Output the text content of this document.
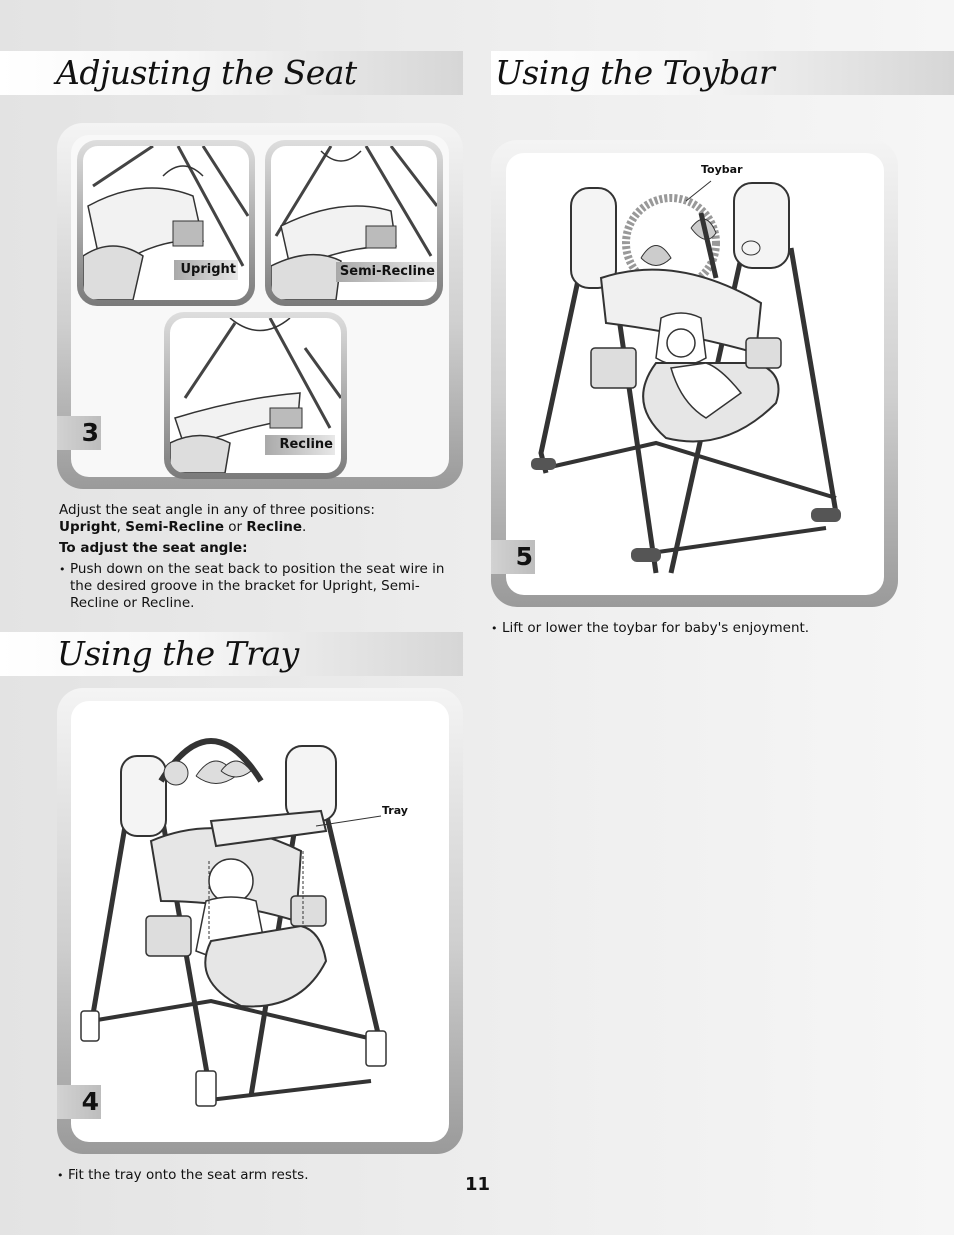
Adjusting the Seat	Using the Toybar
Using the Tray
Upright	Semi-Recline
Recline
3

Adjust the seat angle in any of three positions:

Upright, Semi-Recline or Recline.

To adjust the seat angle:

• Push down on the seat back to position the seat wire in the desired groove in the bracket for Upright, Semi-Recline or Recline.

Toybar
5

• Lift or lower the toybar for baby's enjoyment.

Tray
4

• Fit the tray onto the seat arm rests.	11
